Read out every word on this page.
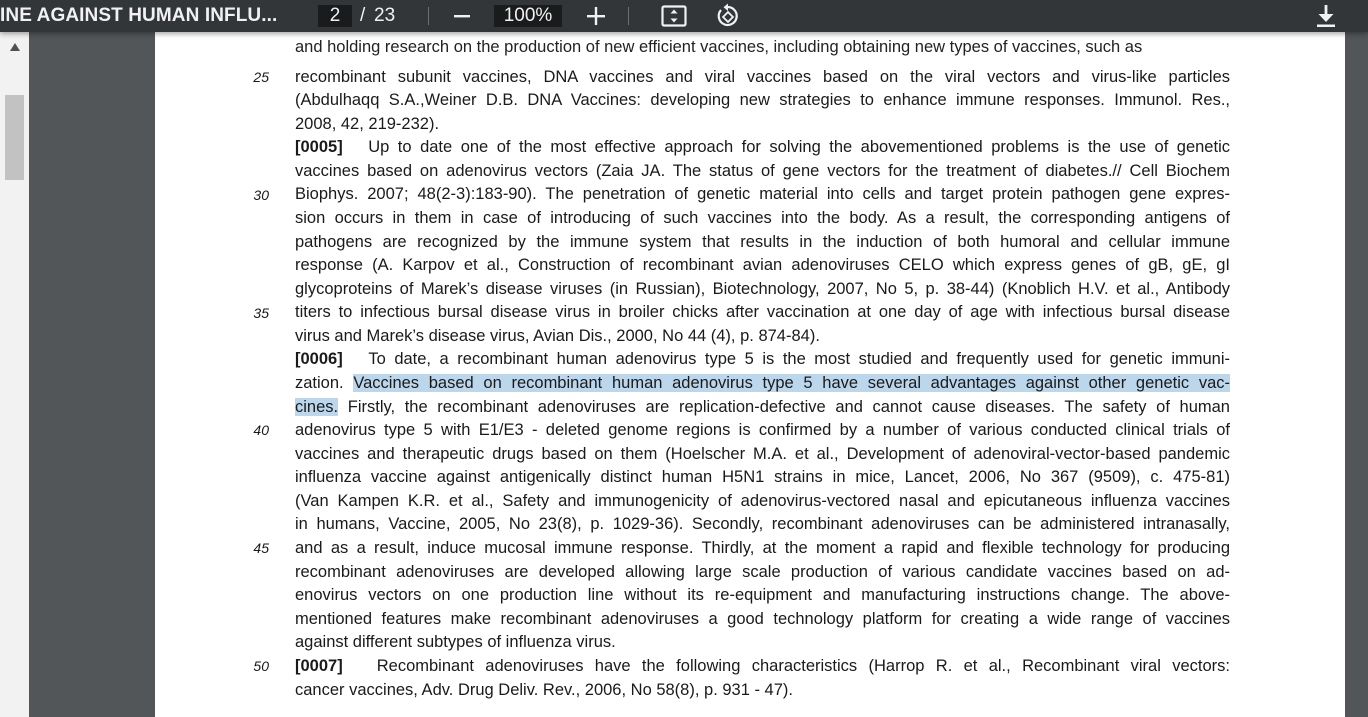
INE AGAINST HUMAN INFLU...	2	/ 23	100%
and holding research on the production of new efficient vaccines, including obtaining new types of vaccines, such as
25
30
35
40
45
50
recombinant subunit vaccines, DNA vaccines and viral vaccines based on the viral vectors and virus-like particles
(Abdulhaqq S.A.,Weiner D.B. DNA Vaccines: developing new strategies to enhance immune responses. Immunol. Res.,
2008, 42, 219-232).
[0005] Up to date one of the most effective approach for solving the abovementioned problems is the use of genetic
vaccines based on adenovirus vectors (Zaia JA. The status of gene vectors for the treatment of diabetes.// Cell Biochem
Biophys. 2007; 48(2-3):183-90). The penetration of genetic material into cells and target protein pathogen gene expres-
sion occurs in them in case of introducing of such vaccines into the body. As a result, the corresponding antigens of
pathogens are recognized by the immune system that results in the induction of both humoral and cellular immune
response (A. Karpov et al., Construction of recombinant avian adenoviruses CELO which express genes of gB, gE, gI
glycoproteins of Marek’s disease viruses (in Russian), Biotechnology, 2007, No 5, p. 38-44) (Knoblich H.V. et al., Antibody
titers to infectious bursal disease virus in broiler chicks after vaccination at one day of age with infectious bursal disease
virus and Marek’s disease virus, Avian Dis., 2000, No 44 (4), p. 874-84).
[0006] To date, a recombinant human adenovirus type 5 is the most studied and frequently used for genetic immuni-
zation. Vaccines based on recombinant human adenovirus type 5 have several advantages against other genetic vac-
cines. Firstly, the recombinant adenoviruses are replication-defective and cannot cause diseases. The safety of human
adenovirus type 5 with E1/E3 - deleted genome regions is confirmed by a number of various conducted clinical trials of
vaccines and therapeutic drugs based on them (Hoelscher M.A. et al., Development of adenoviral-vector-based pandemic
influenza vaccine against antigenically distinct human H5N1 strains in mice, Lancet, 2006, No 367 (9509), c. 475-81)
(Van Kampen K.R. et al., Safety and immunogenicity of adenovirus-vectored nasal and epicutaneous influenza vaccines
in humans, Vaccine, 2005, No 23(8), p. 1029-36). Secondly, recombinant adenoviruses can be administered intranasally,
and as a result, induce mucosal immune response. Thirdly, at the moment a rapid and flexible technology for producing
recombinant adenoviruses are developed allowing large scale production of various candidate vaccines based on ad-
enovirus vectors on one production line without its re-equipment and manufacturing instructions change. The above-
mentioned features make recombinant adenoviruses a good technology platform for creating a wide range of vaccines
against different subtypes of influenza virus.
[0007] Recombinant adenoviruses have the following characteristics (Harrop R. et al., Recombinant viral vectors:
cancer vaccines, Adv. Drug Deliv. Rev., 2006, No 58(8), p. 931 - 47).
